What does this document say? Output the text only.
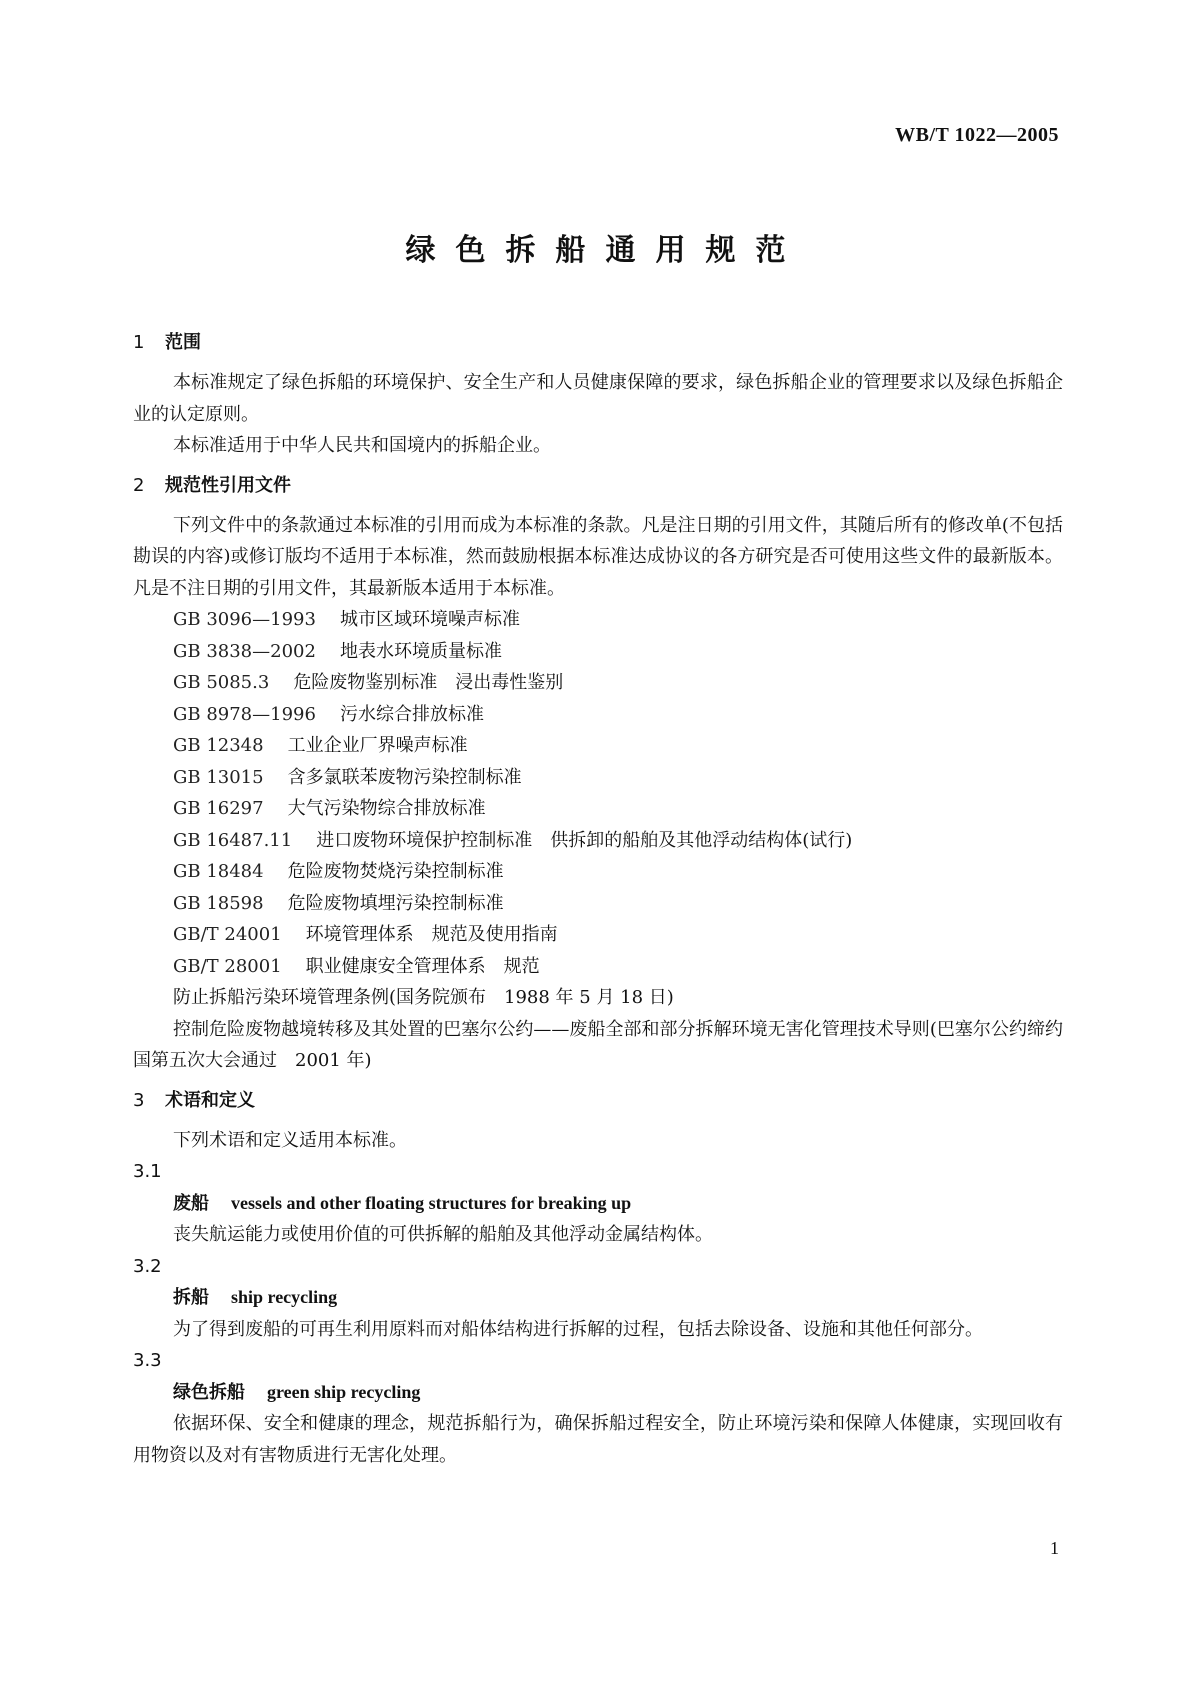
WB/T 1022—2005
绿色拆船通用规范
1 范围
本标准规定了绿色拆船的环境保护、安全生产和人员健康保障的要求，绿色拆船企业的管理要求以及绿色拆船企业的认定原则。
本标准适用于中华人民共和国境内的拆船企业。
2 规范性引用文件
下列文件中的条款通过本标准的引用而成为本标准的条款。凡是注日期的引用文件，其随后所有的修改单(不包括勘误的内容)或修订版均不适用于本标准，然而鼓励根据本标准达成协议的各方研究是否可使用这些文件的最新版本。凡是不注日期的引用文件，其最新版本适用于本标准。
GB 3096—1993 城市区域环境噪声标准
GB 3838—2002 地表水环境质量标准
GB 5085.3 危险废物鉴别标准　浸出毒性鉴别
GB 8978—1996 污水综合排放标准
GB 12348 工业企业厂界噪声标准
GB 13015 含多氯联苯废物污染控制标准
GB 16297 大气污染物综合排放标准
GB 16487.11 进口废物环境保护控制标准　供拆卸的船舶及其他浮动结构体(试行)
GB 18484 危险废物焚烧污染控制标准
GB 18598 危险废物填埋污染控制标准
GB/T 24001 环境管理体系　规范及使用指南
GB/T 28001 职业健康安全管理体系　规范
防止拆船污染环境管理条例(国务院颁布　1988 年 5 月 18 日)
控制危险废物越境转移及其处置的巴塞尔公约——废船全部和部分拆解环境无害化管理技术导则(巴塞尔公约缔约国第五次大会通过　2001 年)
3 术语和定义
下列术语和定义适用本标准。
3.1
废船 vessels and other floating structures for breaking up
丧失航运能力或使用价值的可供拆解的船舶及其他浮动金属结构体。
3.2
拆船 ship recycling
为了得到废船的可再生利用原料而对船体结构进行拆解的过程，包括去除设备、设施和其他任何部分。
3.3
绿色拆船 green ship recycling
依据环保、安全和健康的理念，规范拆船行为，确保拆船过程安全，防止环境污染和保障人体健康，实现回收有用物资以及对有害物质进行无害化处理。
1
